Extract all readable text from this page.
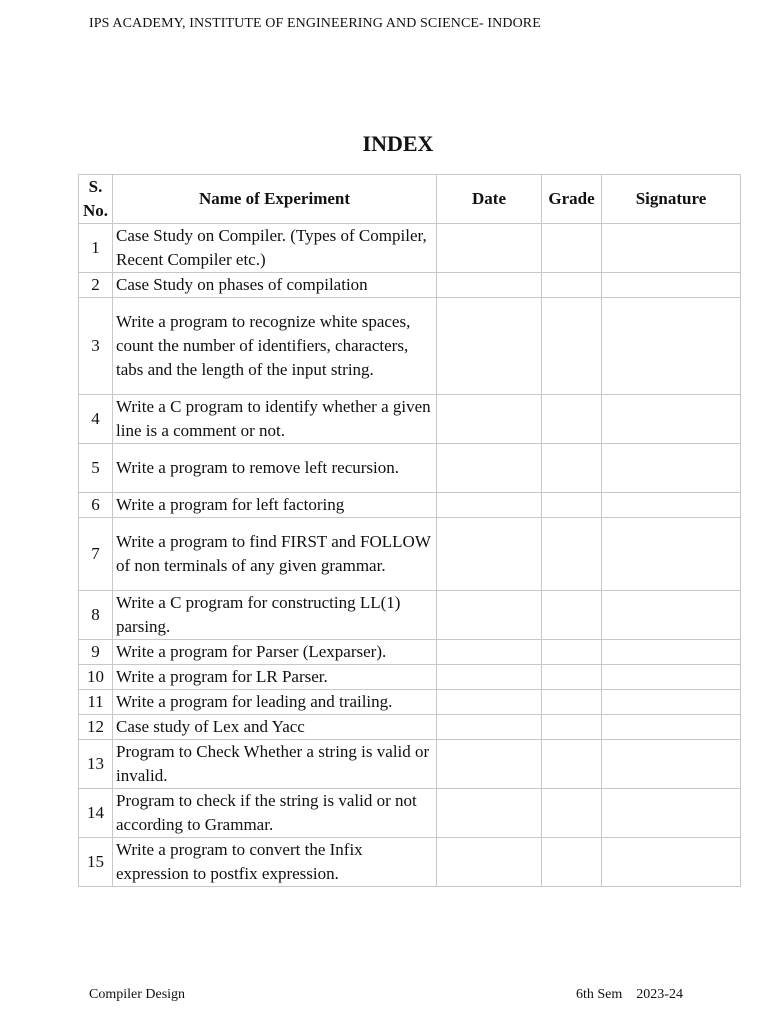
IPS ACADEMY, INSTITUTE OF ENGINEERING AND SCIENCE- INDORE
INDEX
S. No.	Name of Experiment	Date	Grade	Signature
1	Case Study on Compiler. (Types of Compiler, Recent Compiler etc.)			
2	Case Study on phases of compilation			
3	Write a program to recognize white spaces, count the number of identifiers, characters, tabs and the length of the input string.			
4	Write a C program to identify whether a given line is a comment or not.			
5	Write a program to remove left recursion.			
6	Write a program for left factoring			
7	Write a program to find FIRST and FOLLOW of non terminals of any given grammar.			
8	Write a C program for constructing LL(1) parsing.			
9	Write a program for Parser (Lexparser).			
10	Write a program for LR Parser.			
11	Write a program for leading and trailing.			
12	Case study of Lex and Yacc			
13	Program to Check Whether a string is valid or invalid.			
14	Program to check if the string is valid or not according to Grammar.			
15	Write a program to convert the Infix expression to postfix expression.			
Compiler Design	6th Sem 2023-24
